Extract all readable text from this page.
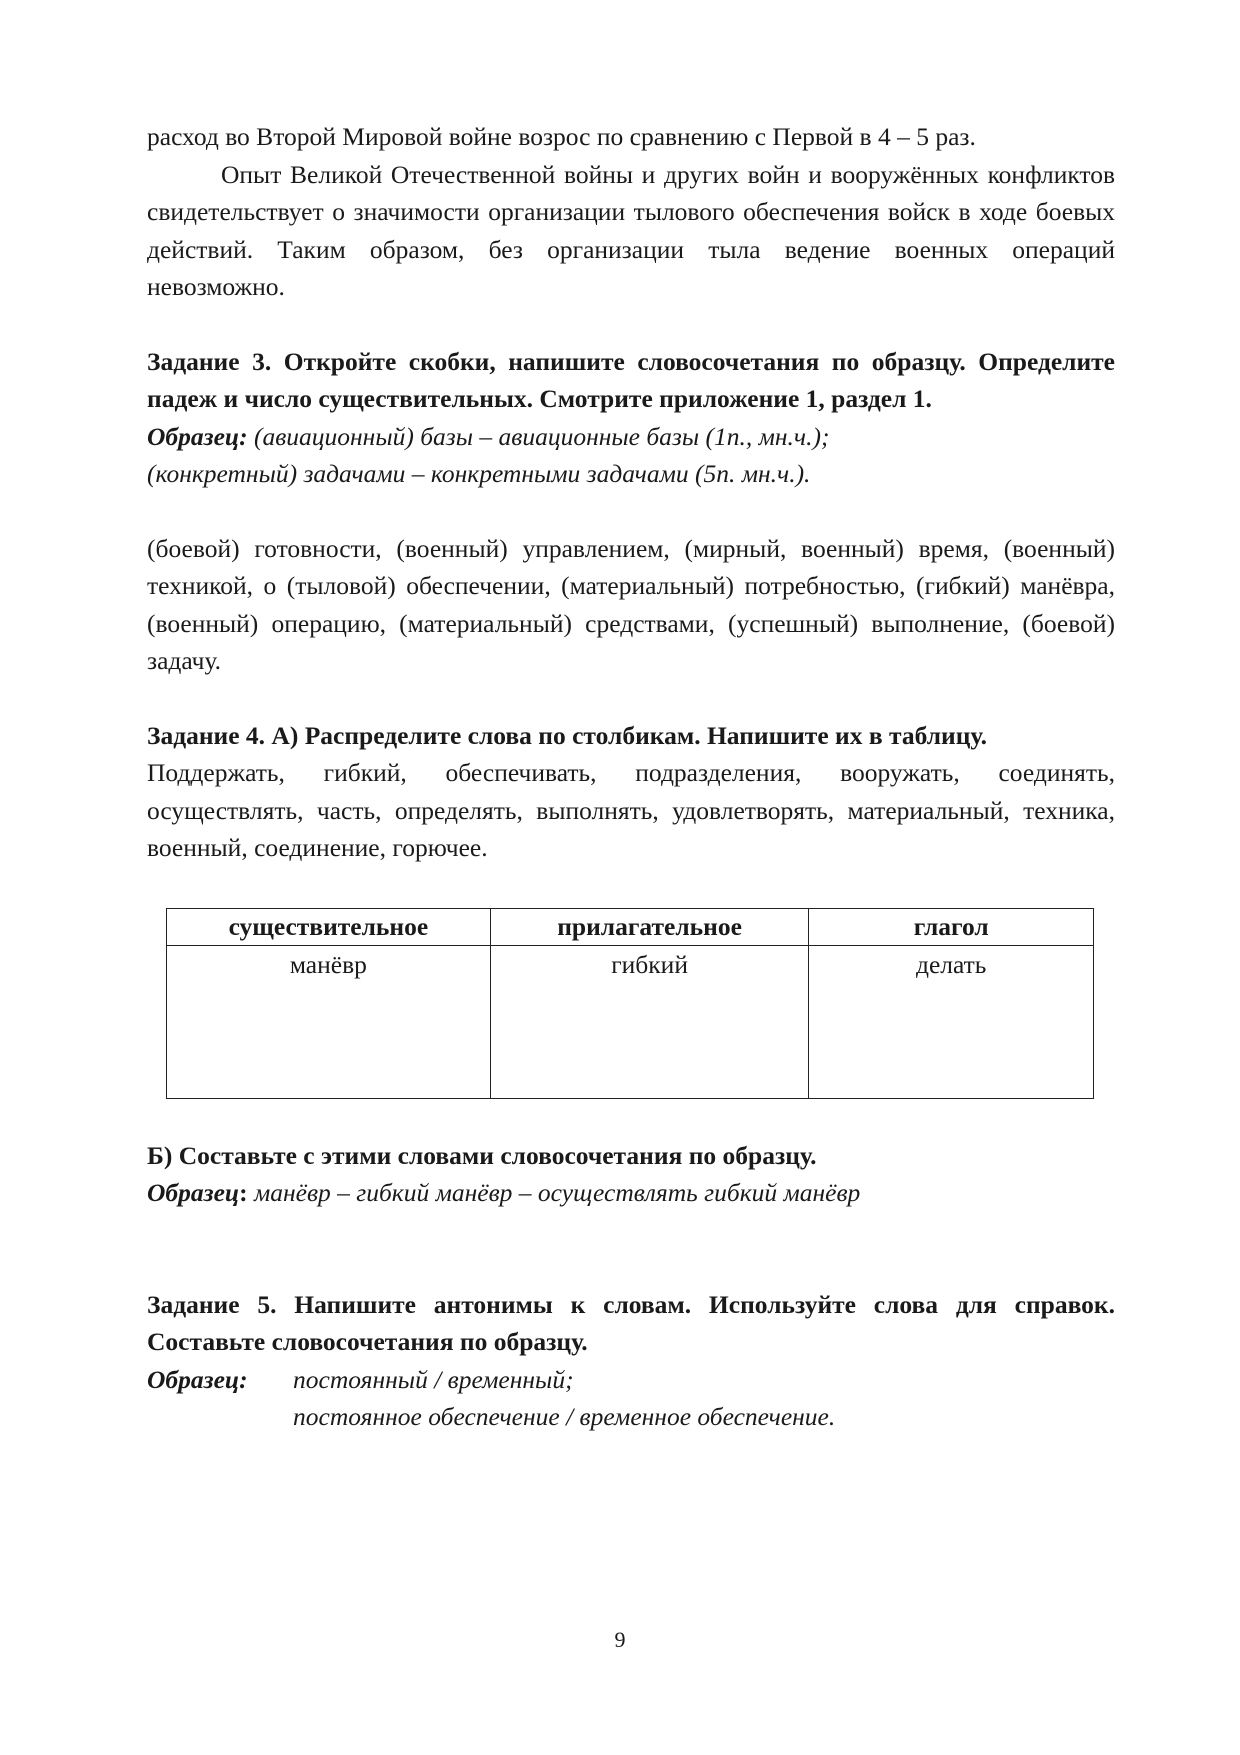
расход во Второй Мировой войне возрос по сравнению с Первой в 4 – 5 раз.

Опыт Великой Отечественной войны и других войн и вооружённых конфликтов свидетельствует о значимости организации тылового обеспечения войск в ходе боевых действий. Таким образом, без организации тыла ведение военных операций невозможно.

Задание 3. Откройте скобки, напишите словосочетания по образцу. Определите падеж и число существительных. Смотрите приложение 1, раздел 1.

Образец: (авиационный) базы – авиационные базы (1п., мн.ч.);
(конкретный) задачами – конкретными задачами (5п. мн.ч.).

(боевой) готовности, (военный) управлением, (мирный, военный) время, (военный) техникой, о (тыловой) обеспечении, (материальный) потребностью, (гибкий) манёвра, (военный) операцию, (материальный) средствами, (успешный) выполнение, (боевой) задачу.

Задание 4. А) Распределите слова по столбикам. Напишите их в таблицу.

Поддержать, гибкий, обеспечивать, подразделения, вооружать, соединять, осуществлять, часть, определять, выполнять, удовлетворять, материальный, техника, военный, соединение, горючее.

существительное	прилагательное	глагол
манёвр	гибкий	делать

Б) Составьте с этими словами словосочетания по образцу.

Образец: манёвр – гибкий манёвр – осуществлять гибкий манёвр

Задание 5. Напишите антонимы к словам. Используйте слова для справок. Составьте словосочетания по образцу.

Образец:	постоянный / временный;
постоянное обеспечение / временное обеспечение.
9
